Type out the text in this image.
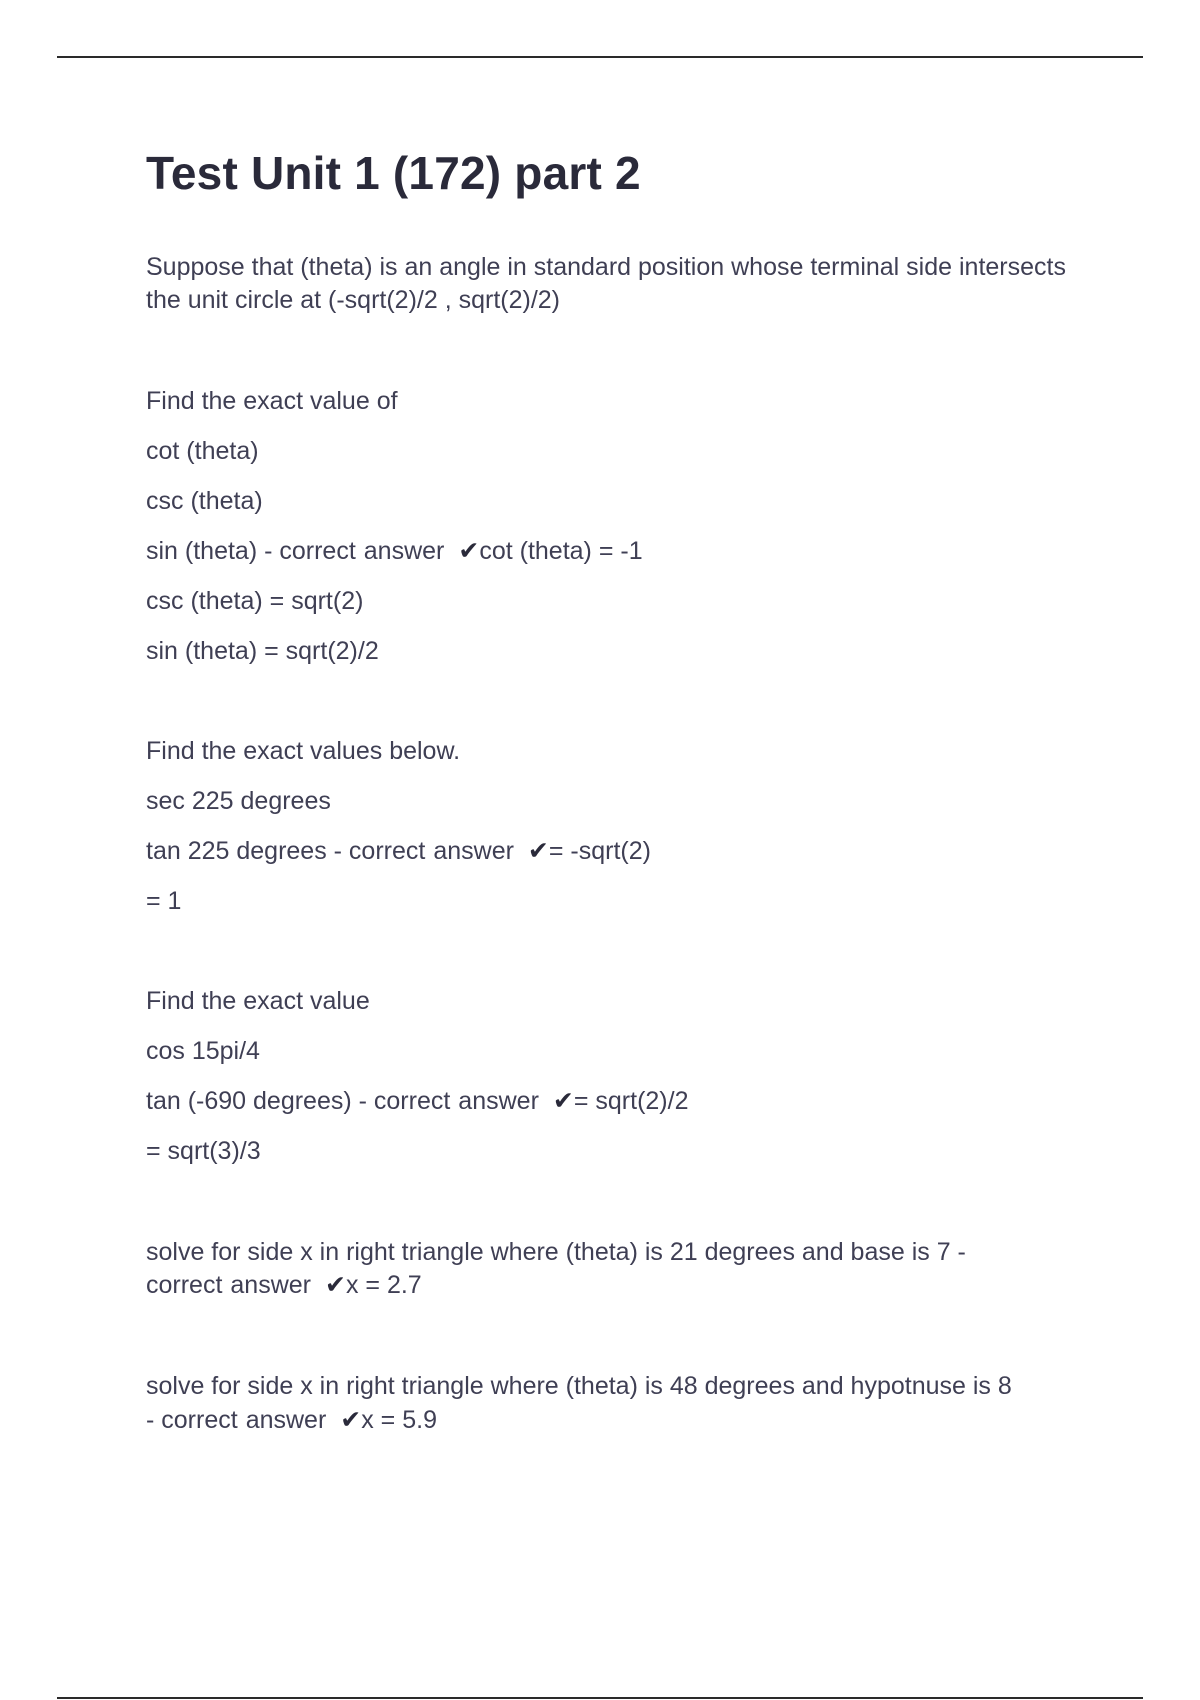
Test Unit 1 (172) part 2

Suppose that (theta) is an angle in standard position whose terminal side intersects the unit circle at (-sqrt(2)/2 , sqrt(2)/2)

Find the exact value of

cot (theta)

csc (theta)

sin (theta) - correct answer ✔cot (theta) = -1

csc (theta) = sqrt(2)

sin (theta) = sqrt(2)/2

Find the exact values below.

sec 225 degrees

tan 225 degrees - correct answer ✔= -sqrt(2)

= 1

Find the exact value

cos 15pi/4

tan (-690 degrees) - correct answer ✔= sqrt(2)/2

= sqrt(3)/3

solve for side x in right triangle where (theta) is 21 degrees and base is 7 -

correct answer ✔x = 2.7

solve for side x in right triangle where (theta) is 48 degrees and hypotnuse is 8

- correct answer ✔x = 5.9
